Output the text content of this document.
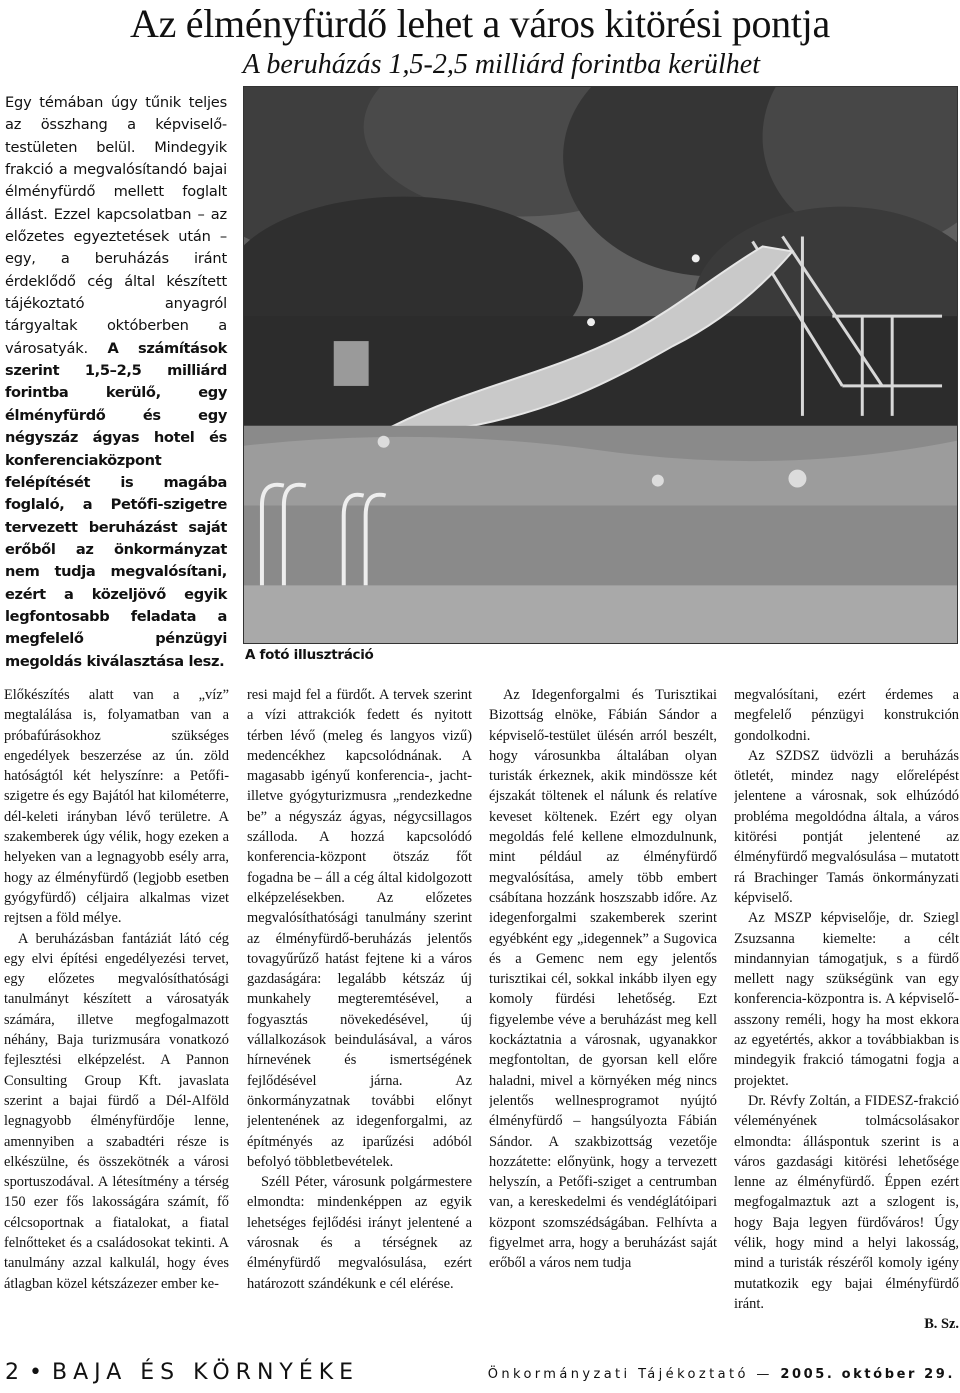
Az élményfürdő lehet a város kitörési pontja
A beruházás 1,5-2,5 milliárd forintba kerülhet
Egy témában úgy tűnik teljes az összhang a képviselő-testületen belül. Mindegyik frakció a megvalósítandó bajai élményfürdő mellett foglalt állást. Ezzel kapcsolatban – az előzetes egyeztetések után – egy, a beruházás iránt érdeklődő cég által készített tájékoztató anyagról tárgyaltak októberben a városatyák. A számítások szerint 1,5–2,5 milliárd forintba kerülő, egy élményfürdő és egy négyszáz ágyas hotel és konferenciaközpont felépítését is magába foglaló, a Petőfi-szigetre tervezett beruházást saját erőből az önkormányzat nem tudja megvalósítani, ezért a közeljövő egyik legfontosabb feladata a megfelelő pénzügyi megoldás kiválasztása lesz. A fotó illusztráció

Előkészítés alatt van a „víz” megtalálása is, folyamatban van a próbafúrásokhoz szükséges engedélyek beszerzése az ún. zöld hatóságtól két helyszínre: a Petőfi-szigetre és egy Bajától hat kilométerre, dél-keleti irányban lévő területre. A szakemberek úgy vélik, hogy ezeken a helyeken van a legnagyobb esély arra, hogy az élményfürdő (legjobb esetben gyógyfürdő) céljaira alkalmas vizet rejtsen a föld mélye.

A beruházásban fantáziát látó cég egy elvi építési engedélyezési tervet, egy előzetes megvalósíthatósági tanulmányt készített a városatyák számára, illetve megfogalmazott néhány, Baja turizmusára vonatkozó fejlesztési elképzelést. A Pannon Consulting Group Kft. javaslata szerint a bajai fürdő a Dél-Alföld legnagyobb élményfürdője lenne, amennyiben a szabadtéri része is elkészülne, és összekötnék a városi sportuszodával. A létesítmény a térség 150 ezer fős lakosságára számít, fő célcsoportnak a fiatalokat, a fiatal felnőtteket és a családosokat tekinti. A tanulmány azzal kalkulál, hogy éves átlagban közel kétszázezer ember ke-

resi majd fel a fürdőt. A tervek szerint a vízi attrakciók fedett és nyitott térben lévő (meleg és langyos vizű) medencékhez kapcsolódnának. A magasabb igényű konferencia-, jacht- illetve gyógyturizmusra „rendezkedne be” a négyszáz ágyas, négycsillagos szálloda. A hozzá kapcsolódó konferencia-központ ötszáz főt fogadna be – áll a cég által kidolgozott elképzelésekben. Az előzetes megvalósíthatósági tanulmány szerint az élményfürdő-beruházás jelentős tovagyűrűző hatást fejtene ki a város gazdaságára: legalább kétszáz új munkahely megteremtésével, a fogyasztás növekedésével, új vállalkozások beindulásával, a város hírnevének és ismertségének fejlődésével járna. Az önkormányzatnak további előnyt jelentenének az idegenforgalmi, az építményés az iparűzési adóból befolyó többletbevételek.

Széll Péter, városunk polgármestere elmondta: mindenképpen az egyik lehetséges fejlődési irányt jelentené a városnak és a térségnek az élményfürdő megvalósulása, ezért határozott szándékunk e cél elérése.

Az Idegenforgalmi és Turisztikai Bizottság elnöke, Fábián Sándor a képviselő-testület ülésén arról beszélt, hogy városunkba általában olyan turisták érkeznek, akik mindössze két éjszakát töltenek el nálunk és relatíve keveset költenek. Ezért egy olyan megoldás felé kellene elmozdulnunk, mint például az élményfürdő megvalósítása, amely több embert csábítana hozzánk hoszszabb időre. Az idegenforgalmi szakemberek szerint egyébként egy „idegennek” a Sugovica és a Gemenc nem egy jelentős turisztikai cél, sokkal inkább ilyen egy komoly fürdési lehetőség. Ezt figyelembe véve a beruházást meg kell kockáztatnia a városnak, ugyanakkor megfontoltan, de gyorsan kell előre haladni, mivel a környéken még nincs jelentős wellnesprogramot nyújtó élményfürdő – hangsúlyozta Fábián Sándor. A szakbizottság vezetője hozzátette: előnyünk, hogy a tervezett helyszín, a Petőfi-sziget a centrumban van, a kereskedelmi és vendéglátóipari központ szomszédságában. Felhívta a figyelmet arra, hogy a beruházást saját erőből a város nem tudja

megvalósítani, ezért érdemes a megfelelő pénzügyi konstrukción gondolkodni.

Az SZDSZ üdvözli a beruházás ötletét, mindez nagy előrelépést jelentene a városnak, sok elhúzódó probléma megoldódna általa, a város kitörési pontját jelentené az élményfürdő megvalósulása – mutatott rá Brachinger Tamás önkormányzati képviselő.

Az MSZP képviselője, dr. Sziegl Zsuzsanna kiemelte: a célt mindannyian támogatjuk, s a fürdő mellett nagy szükségünk van egy konferencia-központra is. A képviselő-asszony reméli, hogy ha most ekkora az egyetértés, akkor a továbbiakban is mindegyik frakció támogatni fogja a projektet.

Dr. Révfy Zoltán, a FIDESZ-frakció véleményének tolmácsolásakor elmondta: álláspontuk szerint is a város gazdasági kitörési lehetősége lenne az élményfürdő. Éppen ezért megfogalmaztuk azt a szlogent is, hogy Baja legyen fürdőváros! Úgy vélik, hogy mind a helyi lakosság, mind a turisták részéről komoly igény mutatkozik egy bajai élményfürdő iránt.

B. Sz.

2 • BAJA ÉS KÖRNYÉKE	Önkormányzati Tájékoztató — 2005. október 29.
